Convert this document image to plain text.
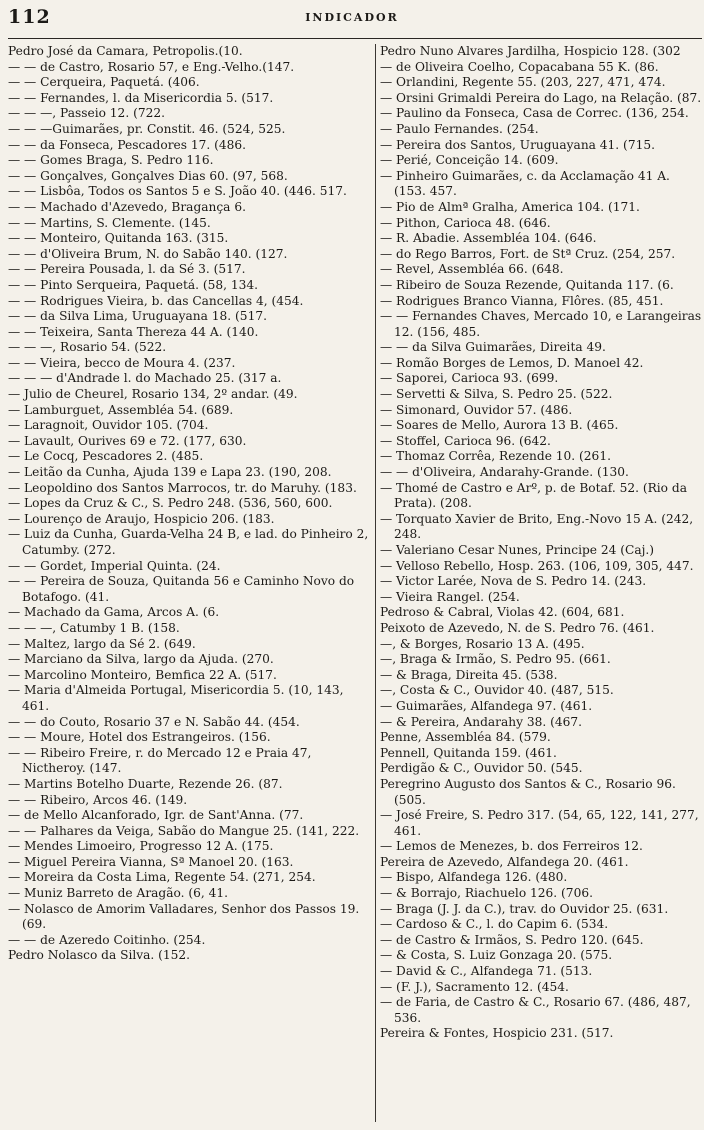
112	INDICADOR

Pedro José da Camara, Petropolis.(10.

— — de Castro, Rosario 57, e Eng.-Velho.(147.

— — Cerqueira, Paquetá. (406.

— — Fernandes, l. da Misericordia 5. (517.

— — —, Passeio 12. (722.

— — —Guimarães, pr. Constit. 46. (524, 525.

— — da Fonseca, Pescadores 17. (486.

— — Gomes Braga, S. Pedro 116.

— — Gonçalves, Gonçalves Dias 60. (97, 568.

— — Lisbôa, Todos os Santos 5 e S. João 40. (446. 517.

— — Machado d'Azevedo, Bragança 6.

— — Martins, S. Clemente. (145.

— — Monteiro, Quitanda 163. (315.

— — d'Oliveira Brum, N. do Sabão 140. (127.

— — Pereira Pousada, l. da Sé 3. (517.

— — Pinto Serqueira, Paquetá. (58, 134.

— — Rodrigues Vieira, b. das Cancellas 4, (454.

— — da Silva Lima, Uruguayana 18. (517.

— — Teixeira, Santa Thereza 44 A. (140.

— — —, Rosario 54. (522.

— — Vieira, becco de Moura 4. (237.

— — — d'Andrade l. do Machado 25. (317 a.

— Julio de Cheurel, Rosario 134, 2º andar. (49.

— Lamburguet, Assembléa 54. (689.

— Laragnoit, Ouvidor 105. (704.

— Lavault, Ourives 69 e 72. (177, 630.

— Le Cocq, Pescadores 2. (485.

— Leitão da Cunha, Ajuda 139 e Lapa 23. (190, 208.

— Leopoldino dos Santos Marrocos, tr. do Maruhy. (183.

— Lopes da Cruz & C., S. Pedro 248. (536, 560, 600.

— Lourenço de Araujo, Hospicio 206. (183.

— Luiz da Cunha, Guarda-Velha 24 B, e lad. do Pinheiro 2, Catumby. (272.

— — Gordet, Imperial Quinta. (24.

— — Pereira de Souza, Quitanda 56 e Caminho Novo do Botafogo. (41.

— Machado da Gama, Arcos A. (6.

— — —, Catumby 1 B. (158.

— Maltez, largo da Sé 2. (649.

— Marciano da Silva, largo da Ajuda. (270.

— Marcolino Monteiro, Bemfica 22 A. (517.

— Maria d'Almeida Portugal, Misericordia 5. (10, 143, 461.

— — do Couto, Rosario 37 e N. Sabão 44. (454.

— — Moure, Hotel dos Estrangeiros. (156.

— — Ribeiro Freire, r. do Mercado 12 e Praia 47, Nictheroy. (147.

— Martins Botelho Duarte, Rezende 26. (87.

— — Ribeiro, Arcos 46. (149.

— de Mello Alcanforado, Igr. de Sant'Anna. (77.

— — Palhares da Veiga, Sabão do Mangue 25. (141, 222.

— Mendes Limoeiro, Progresso 12 A. (175.

— Miguel Pereira Vianna, Sª Manoel 20. (163.

— Moreira da Costa Lima, Regente 54. (271, 254.

— Muniz Barreto de Aragão. (6, 41.

— Nolasco de Amorim Valladares, Senhor dos Passos 19. (69.

— — de Azeredo Coitinho. (254.

Pedro Nolasco da Silva. (152.

Pedro Nuno Alvares Jardilha, Hospicio 128. (302

— de Oliveira Coelho, Copacabana 55 K. (86.

— Orlandini, Regente 55. (203, 227, 471, 474.

— Orsini Grimaldi Pereira do Lago, na Relação. (87.

— Paulino da Fonseca, Casa de Correc. (136, 254.

— Paulo Fernandes. (254.

— Pereira dos Santos, Uruguayana 41. (715.

— Perié, Conceição 14. (609.

— Pinheiro Guimarães, c. da Acclamação 41 A. (153. 457.

— Pio de Almª Gralha, America 104. (171.

— Pithon, Carioca 48. (646.

— R. Abadie. Assembléa 104. (646.

— do Rego Barros, Fort. de Stª Cruz. (254, 257.

— Revel, Assembléa 66. (648.

— Ribeiro de Souza Rezende, Quitanda 117. (6.

— Rodrigues Branco Vianna, Flôres. (85, 451.

— — Fernandes Chaves, Mercado 10, e Larangeiras 12. (156, 485.

— — da Silva Guimarães, Direita 49.

— Romão Borges de Lemos, D. Manoel 42.

— Saporei, Carioca 93. (699.

— Servetti & Silva, S. Pedro 25. (522.

— Simonard, Ouvidor 57. (486.

— Soares de Mello, Aurora 13 B. (465.

— Stoffel, Carioca 96. (642.

— Thomaz Corrêa, Rezende 10. (261.

— — d'Oliveira, Andarahy-Grande. (130.

— Thomé de Castro e Arº, p. de Botaf. 52. (Rio da Prata). (208.

— Torquato Xavier de Brito, Eng.-Novo 15 A. (242, 248.

— Valeriano Cesar Nunes, Principe 24 (Caj.)

— Velloso Rebello, Hosp. 263. (106, 109, 305, 447.

— Victor Larée, Nova de S. Pedro 14. (243.

— Vieira Rangel. (254.

Pedroso & Cabral, Violas 42. (604, 681.

Peixoto de Azevedo, N. de S. Pedro 76. (461.

—, & Borges, Rosario 13 A. (495.

—, Braga & Irmão, S. Pedro 95. (661.

— & Braga, Direita 45. (538.

—, Costa & C., Ouvidor 40. (487, 515.

— Guimarães, Alfandega 97. (461.

— & Pereira, Andarahy 38. (467.

Penne, Assembléa 84. (579.

Pennell, Quitanda 159. (461.

Perdigão & C., Ouvidor 50. (545.

Peregrino Augusto dos Santos & C., Rosario 96. (505.

— José Freire, S. Pedro 317. (54, 65, 122, 141, 277, 461.

— Lemos de Menezes, b. dos Ferreiros 12.

Pereira de Azevedo, Alfandega 20. (461.

— Bispo, Alfandega 126. (480.

— & Borrajo, Riachuelo 126. (706.

— Braga (J. J. da C.), trav. do Ouvidor 25. (631.

— Cardoso & C., l. do Capim 6. (534.

— de Castro & Irmãos, S. Pedro 120. (645.

— & Costa, S. Luiz Gonzaga 20. (575.

— David & C., Alfandega 71. (513.

— (F. J.), Sacramento 12. (454.

— de Faria, de Castro & C., Rosario 67. (486, 487, 536.

Pereira & Fontes, Hospicio 231. (517.
